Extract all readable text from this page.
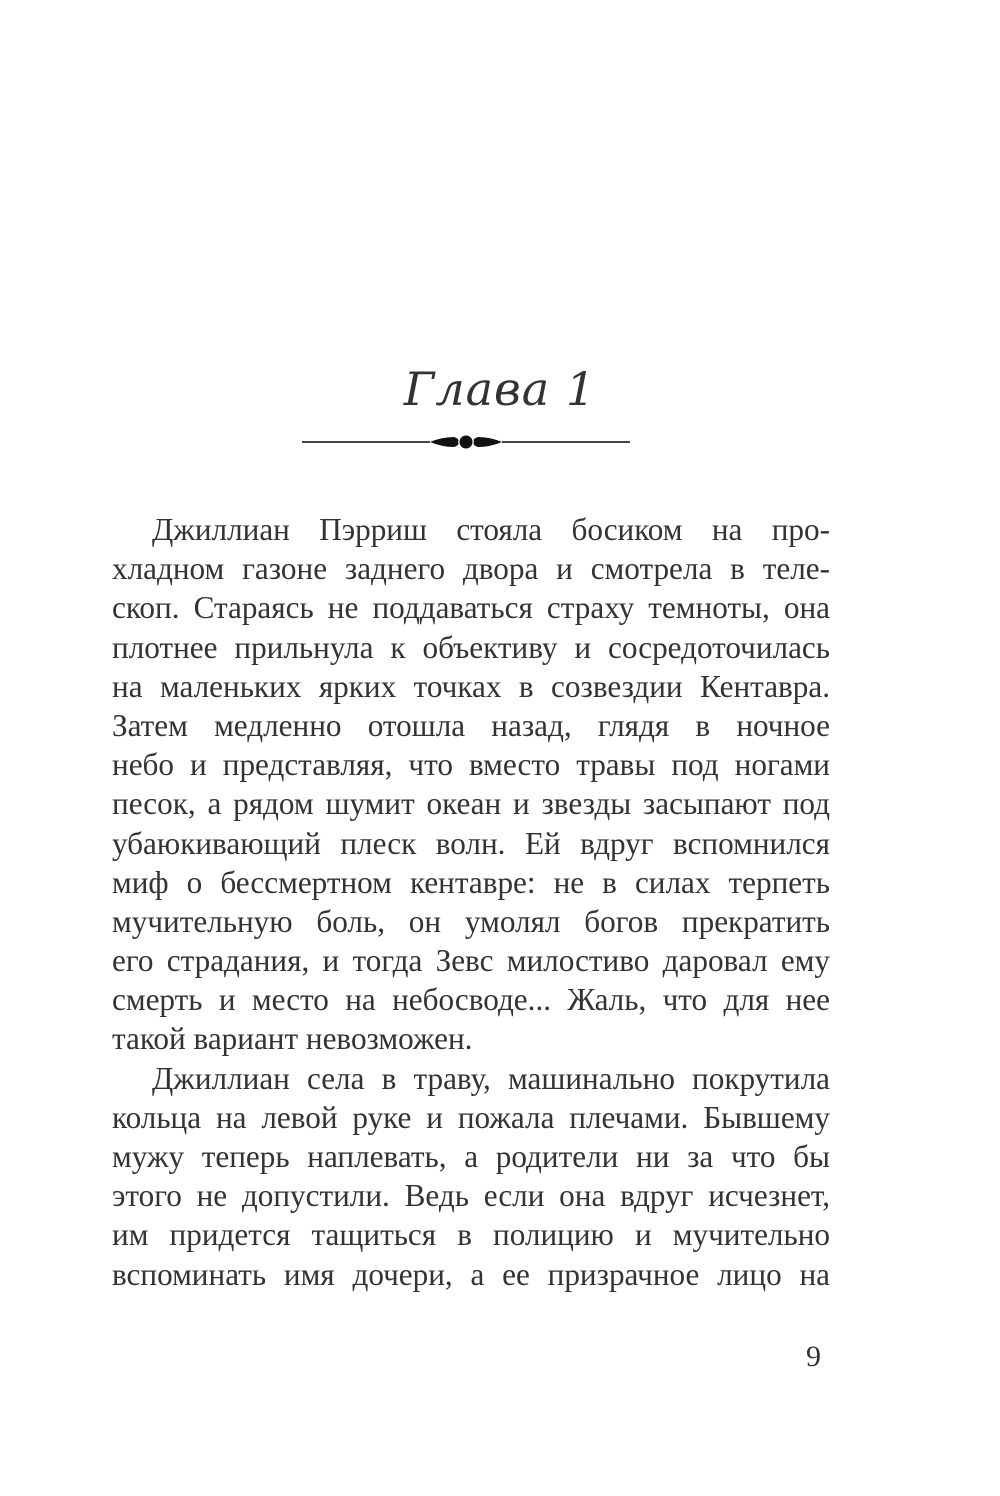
Глава 1
Джиллиан Пэрриш стояла босиком на про-
хладном газоне заднего двора и смотрела в теле-
скоп. Стараясь не поддаваться страху темноты, она
плотнее прильнула к объективу и сосредоточилась
на маленьких ярких точках в созвездии Кентавра.
Затем медленно отошла назад, глядя в ночное
небо и представляя, что вместо травы под ногами
песок, а рядом шумит океан и звезды засыпают под
убаюкивающий плеск волн. Ей вдруг вспомнился
миф о бессмертном кентавре: не в силах терпеть
мучительную боль, он умолял богов прекратить
его страдания, и тогда Зевс милостиво даровал ему
смерть и место на небосводе... Жаль, что для нее
такой вариант невозможен.
Джиллиан села в траву, машинально покрутила
кольца на левой руке и пожала плечами. Бывшему
мужу теперь наплевать, а родители ни за что бы
этого не допустили. Ведь если она вдруг исчезнет,
им придется тащиться в полицию и мучительно
вспоминать имя дочери, а ее призрачное лицо на
9
